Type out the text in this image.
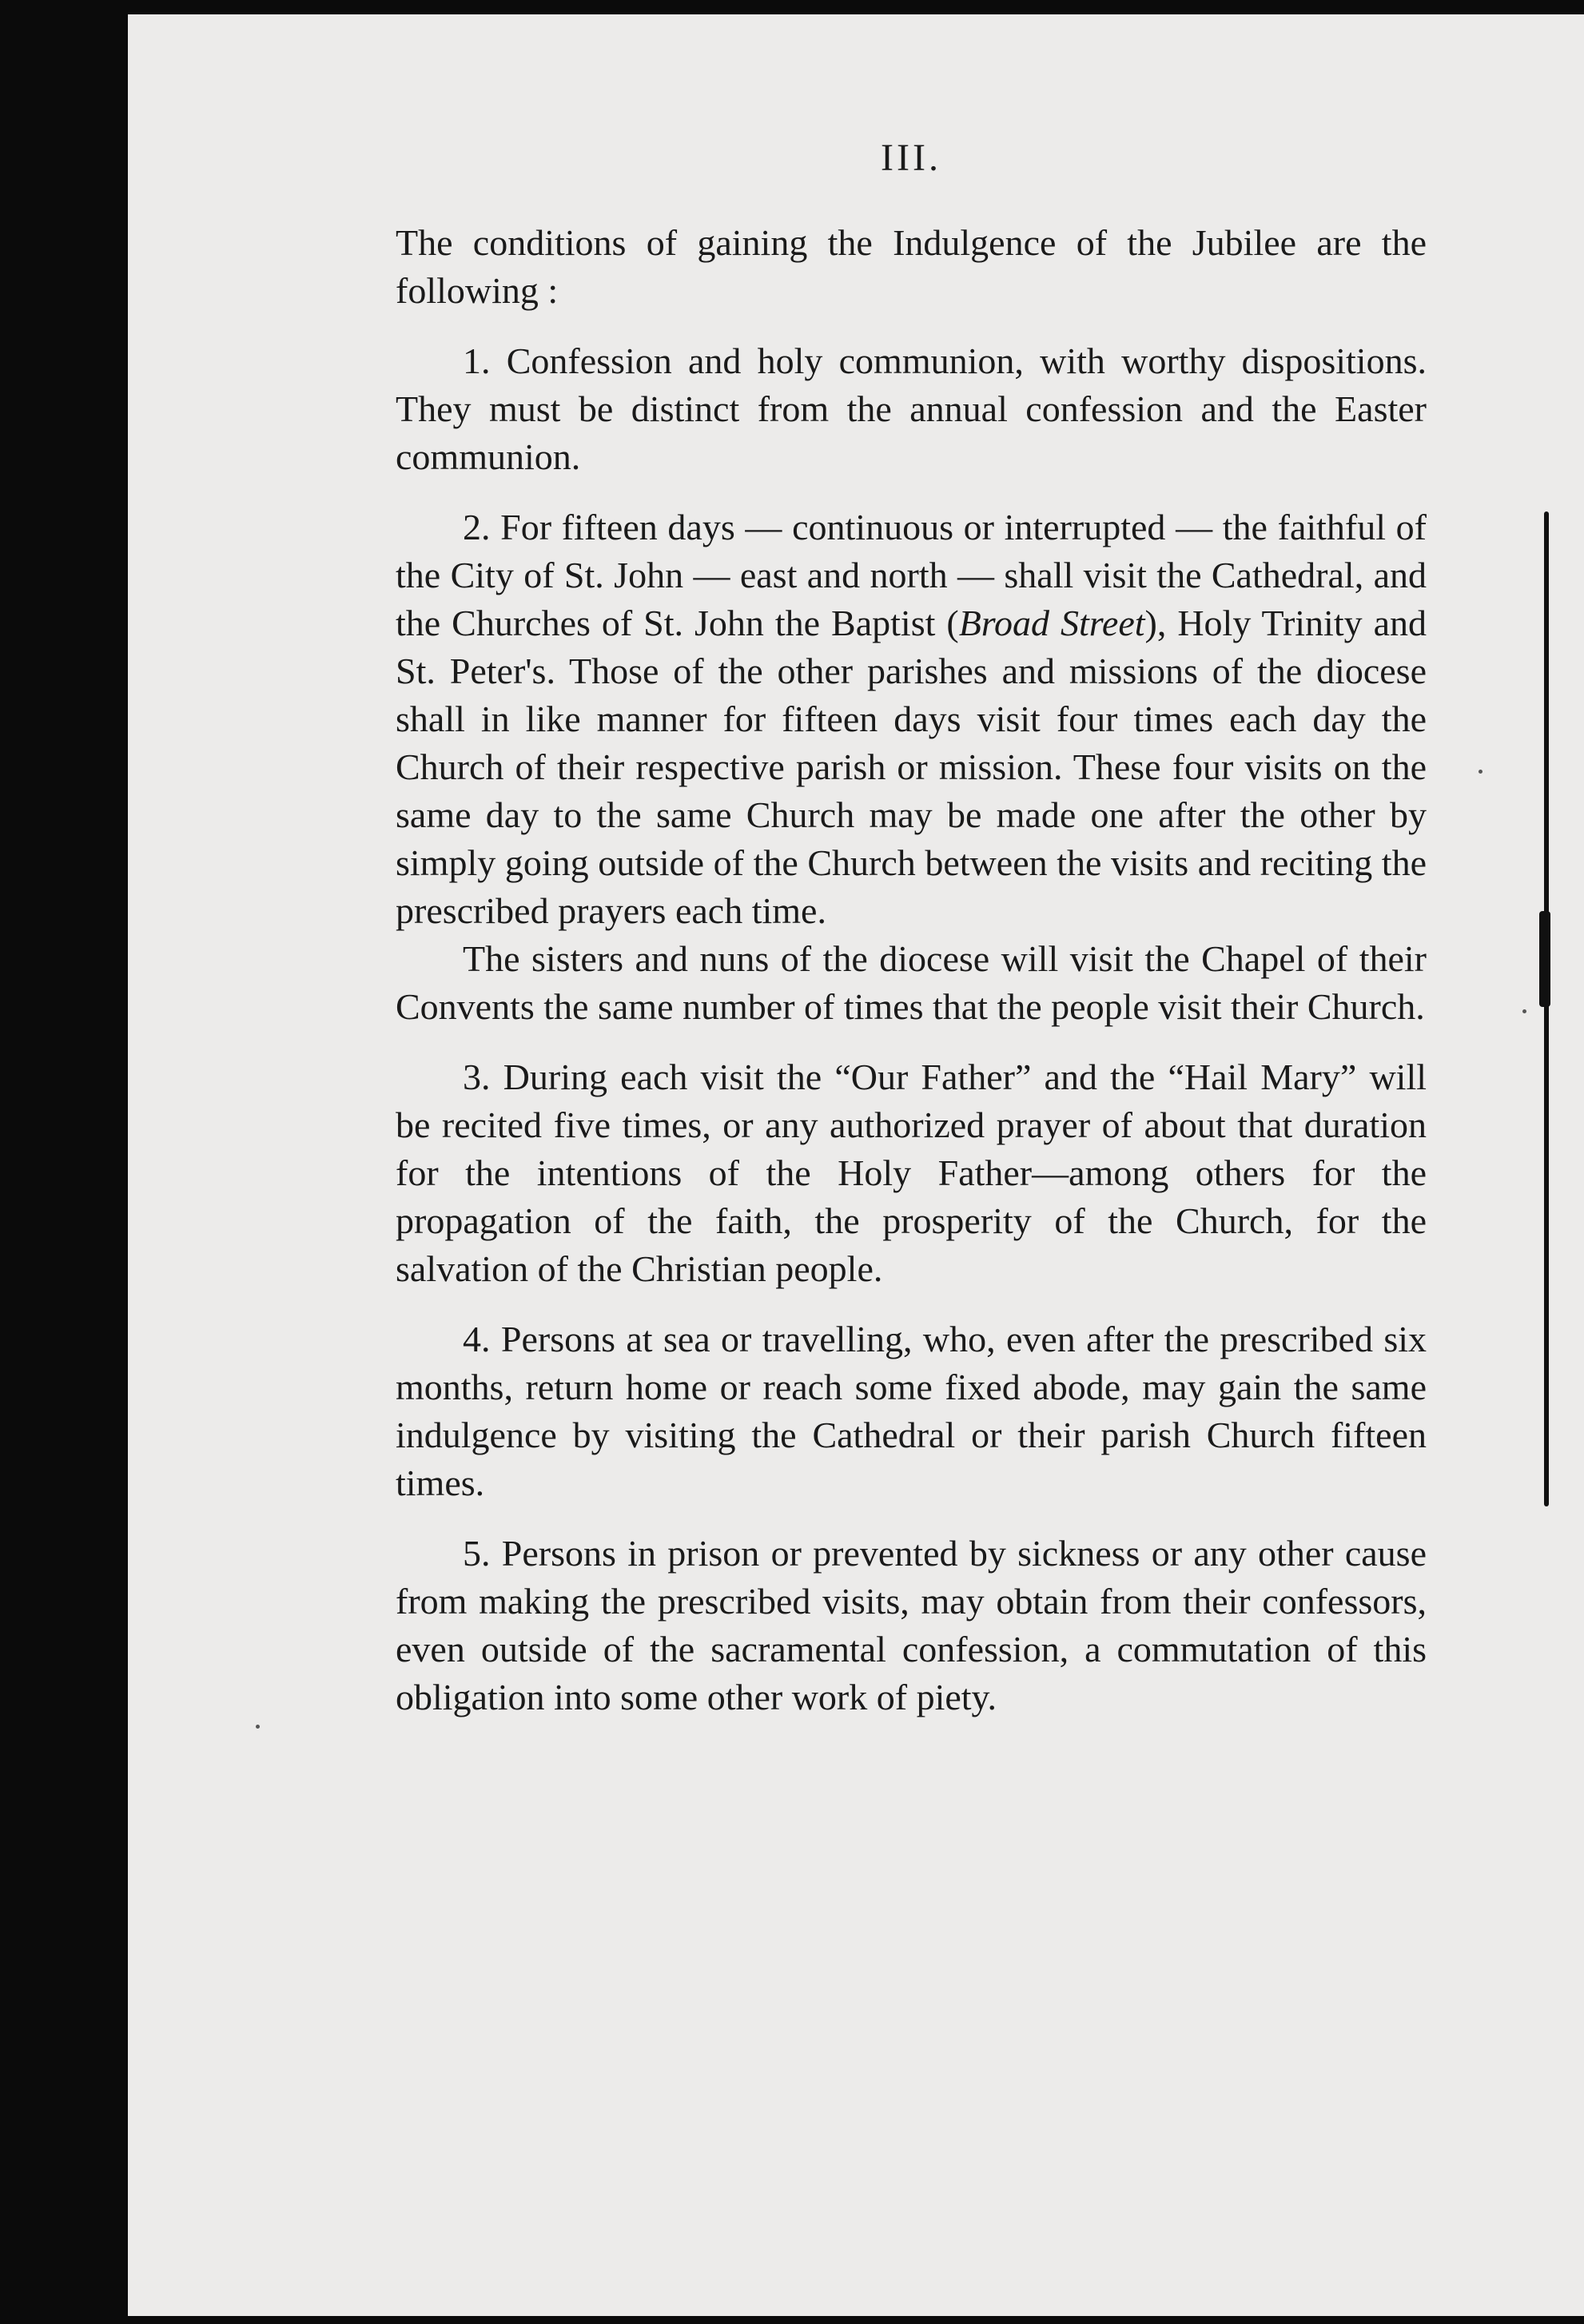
III.

The conditions of gaining the Indulgence of the Jubilee are the following :

1. Confession and holy communion, with worthy dispositions. They must be distinct from the annual confession and the Easter communion.

2. For fifteen days — continuous or interrupted — the faithful of the City of St. John — east and north — shall visit the Cathedral, and the Churches of St. John the Baptist (Broad Street), Holy Trinity and St. Peter's. Those of the other parishes and missions of the diocese shall in like manner for fifteen days visit four times each day the Church of their respective parish or mission. These four visits on the same day to the same Church may be made one after the other by simply going outside of the Church between the visits and reciting the prescribed prayers each time.

The sisters and nuns of the diocese will visit the Chapel of their Convents the same number of times that the people visit their Church.

3. During each visit the “Our Father” and the “Hail Mary” will be recited five times, or any authorized prayer of about that duration for the intentions of the Holy Father—among others for the propagation of the faith, the prosperity of the Church, for the salvation of the Christian people.

4. Persons at sea or travelling, who, even after the prescribed six months, return home or reach some fixed abode, may gain the same indulgence by visiting the Cathedral or their parish Church fifteen times.

5. Persons in prison or prevented by sickness or any other cause from making the prescribed visits, may obtain from their confessors, even outside of the sacramental confession, a commutation of this obligation into some other work of piety.
